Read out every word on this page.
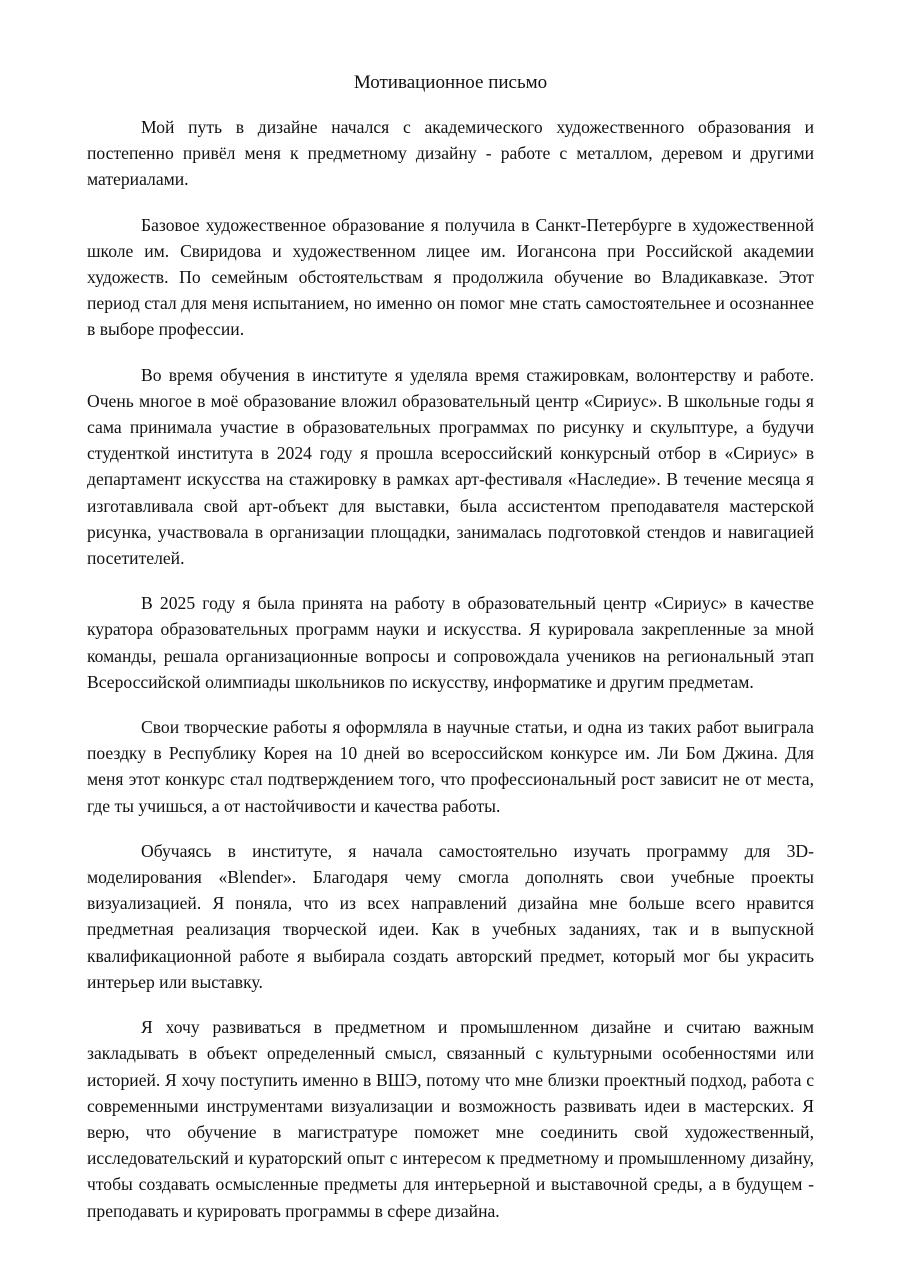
Мотивационное письмо

Мой путь в дизайне начался с академического художественного образования и постепенно привёл меня к предметному дизайну - работе с металлом, деревом и другими материалами.

Базовое художественное образование я получила в Санкт-Петербурге в художественной школе им. Свиридова и художественном лицее им. Иогансона при Российской академии художеств. По семейным обстоятельствам я продолжила обучение во Владикавказе. Этот период стал для меня испытанием, но именно он помог мне стать самостоятельнее и осознаннее в выборе профессии.

Во время обучения в институте я уделяла время стажировкам, волонтерству и работе. Очень многое в моё образование вложил образовательный центр «Сириус». В школьные годы я сама принимала участие в образовательных программах по рисунку и скульптуре, а будучи студенткой института в 2024 году я прошла всероссийский конкурсный отбор в «Сириус» в департамент искусства на стажировку в рамках арт-фестиваля «Наследие». В течение месяца я изготавливала свой арт-объект для выставки, была ассистентом преподавателя мастерской рисунка, участвовала в организации площадки, занималась подготовкой стендов и навигацией посетителей.

В 2025 году я была принята на работу в образовательный центр «Сириус» в качестве куратора образовательных программ науки и искусства. Я курировала закрепленные за мной команды, решала организационные вопросы и сопровождала учеников на региональный этап Всероссийской олимпиады школьников по искусству, информатике и другим предметам.

Свои творческие работы я оформляла в научные статьи, и одна из таких работ выиграла поездку в Республику Корея на 10 дней во всероссийском конкурсе им. Ли Бом Джина. Для меня этот конкурс стал подтверждением того, что профессиональный рост зависит не от места, где ты учишься, а от настойчивости и качества работы.

Обучаясь в институте, я начала самостоятельно изучать программу для 3D-моделирования «Blender». Благодаря чему смогла дополнять свои учебные проекты визуализацией. Я поняла, что из всех направлений дизайна мне больше всего нравится предметная реализация творческой идеи. Как в учебных заданиях, так и в выпускной квалификационной работе я выбирала создать авторский предмет, который мог бы украсить интерьер или выставку.

Я хочу развиваться в предметном и промышленном дизайне и считаю важным закладывать в объект определенный смысл, связанный с культурными особенностями или историей. Я хочу поступить именно в ВШЭ, потому что мне близки проектный подход, работа с современными инструментами визуализации и возможность развивать идеи в мастерских. Я верю, что обучение в магистратуре поможет мне соединить свой художественный, исследовательский и кураторский опыт с интересом к предметному и промышленному дизайну, чтобы создавать осмысленные предметы для интерьерной и выставочной среды, а в будущем - преподавать и курировать программы в сфере дизайна.
